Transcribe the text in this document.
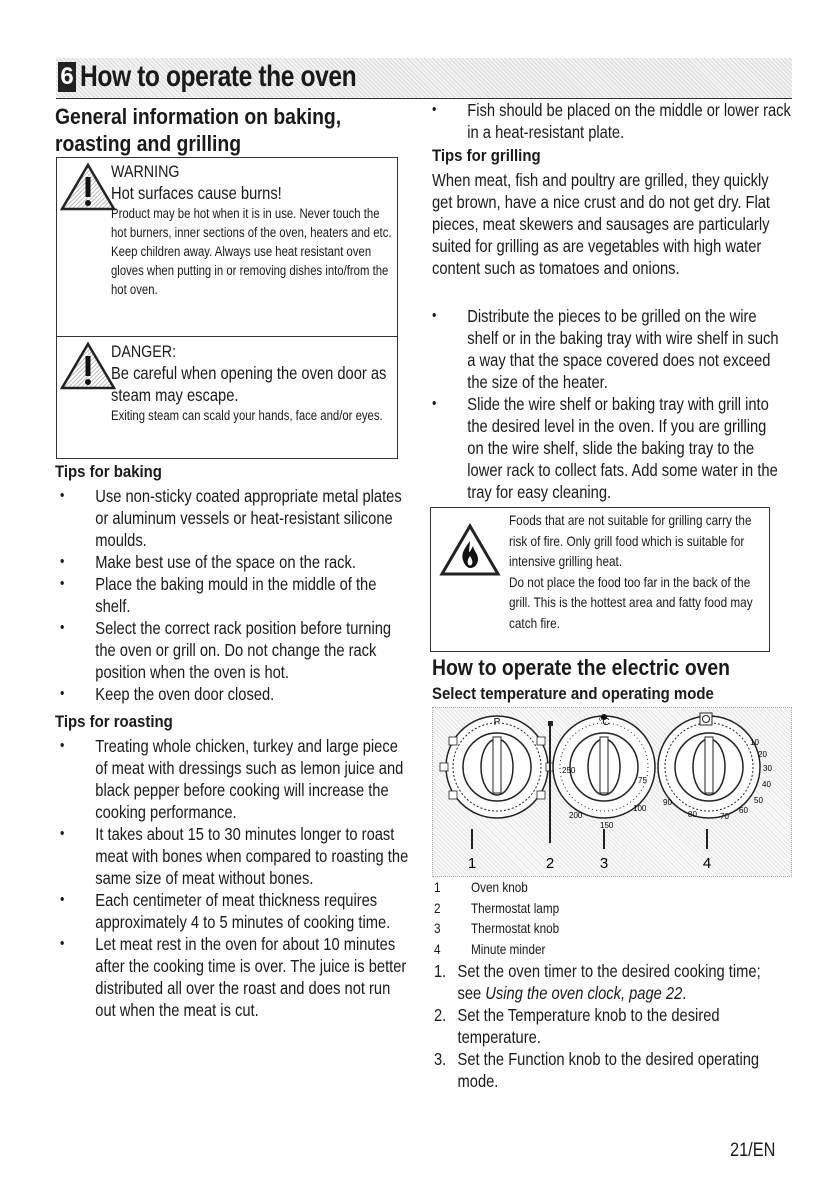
6 How to operate the oven
General information on baking,
roasting and grilling
WARNING
Hot surfaces cause burns!
Product may be hot when it is in use. Never touch the hot burners, inner sections of the oven, heaters and etc. Keep children away. Always use heat resistant oven gloves when putting in or removing dishes into/from the hot oven.
DANGER:
Be careful when opening the oven door as steam may escape.
Exiting steam can scald your hands, face and/or eyes.
Tips for baking
• Use non-sticky coated appropriate metal plates or aluminum vessels or heat-resistant silicone moulds.
• Make best use of the space on the rack.
• Place the baking mould in the middle of the shelf.
• Select the correct rack position before turning the oven or grill on. Do not change the rack position when the oven is hot.
• Keep the oven door closed.
Tips for roasting
• Treating whole chicken, turkey and large piece of meat with dressings such as lemon juice and black pepper before cooking will increase the cooking performance.
• It takes about 15 to 30 minutes longer to roast meat with bones when compared to roasting the same size of meat without bones.
• Each centimeter of meat thickness requires approximately 4 to 5 minutes of cooking time.
• Let meat rest in the oven for about 10 minutes after the cooking time is over. The juice is better distributed all over the roast and does not run out when the meat is cut.
• Fish should be placed on the middle or lower rack in a heat-resistant plate.
Tips for grilling
When meat, fish and poultry are grilled, they quickly get brown, have a nice crust and do not get dry. Flat pieces, meat skewers and sausages are particularly suited for grilling as are vegetables with high water content such as tomatoes and onions.
• Distribute the pieces to be grilled on the wire shelf or in the baking tray with wire shelf in such a way that the space covered does not exceed the size of the heater.
• Slide the wire shelf or baking tray with grill into the desired level in the oven. If you are grilling on the wire shelf, slide the baking tray to the lower rack to collect fats. Add some water in the tray for easy cleaning.
Foods that are not suitable for grilling carry the risk of fire. Only grill food which is suitable for intensive grilling heat.
Do not place the food too far in the back of the grill. This is the hottest area and fatty food may catch fire.
How to operate the electric oven
Select temperature and operating mode
P	°C
250
200
150
100
75
10
20
30
40
50
60
70
80
90
1	2	3	4
1 Oven knob
2 Thermostat lamp
3 Thermostat knob
4 Minute minder
1. Set the oven timer to the desired cooking time; see Using the oven clock, page 22.
2. Set the Temperature knob to the desired temperature.
3. Set the Function knob to the desired operating mode.
21/EN
